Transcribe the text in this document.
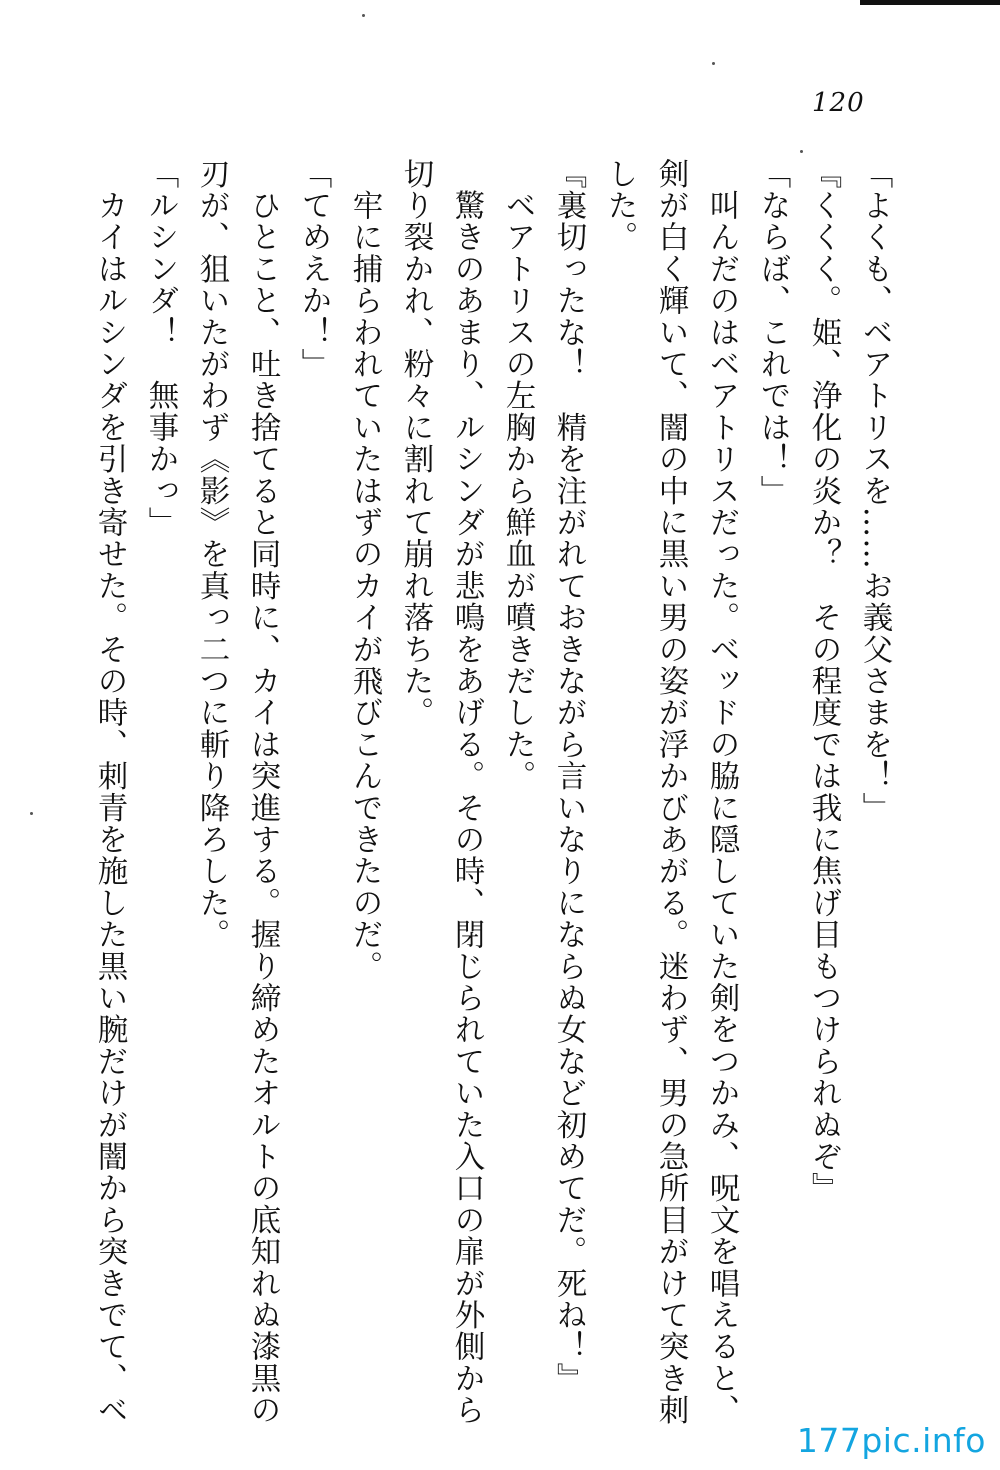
120
「よくも、ベアトリスを……お義父さまを！」
『くくく。姫、浄化の炎か？　その程度では我に焦げ目もつけられぬぞ』
「ならば、これでは！」
　叫んだのはベアトリスだった。ベッドの脇に隠していた剣をつかみ、呪文を唱えると、
剣が白く輝いて、闇の中に黒い男の姿が浮かびあがる。迷わず、男の急所目がけて突き刺
した。
『裏切ったな！　精を注がれておきながら言いなりにならぬ女など初めてだ。死ね！』
　ベアトリスの左胸から鮮血が噴きだした。
　驚きのあまり、ルシンダが悲鳴をあげる。その時、閉じられていた入口の扉が外側から
切り裂かれ、粉々に割れて崩れ落ちた。
　牢に捕らわれていたはずのカイが飛びこんできたのだ。
「てめえか！」
　ひとこと、吐き捨てると同時に、カイは突進する。握り締めたオルトの底知れぬ漆黒の
刃が、狙いたがわず《影》を真っ二つに斬り降ろした。
「ルシンダ！　無事かっ」
　カイはルシンダを引き寄せた。その時、刺青を施した黒い腕だけが闇から突きでて、ベ
177pic.info
